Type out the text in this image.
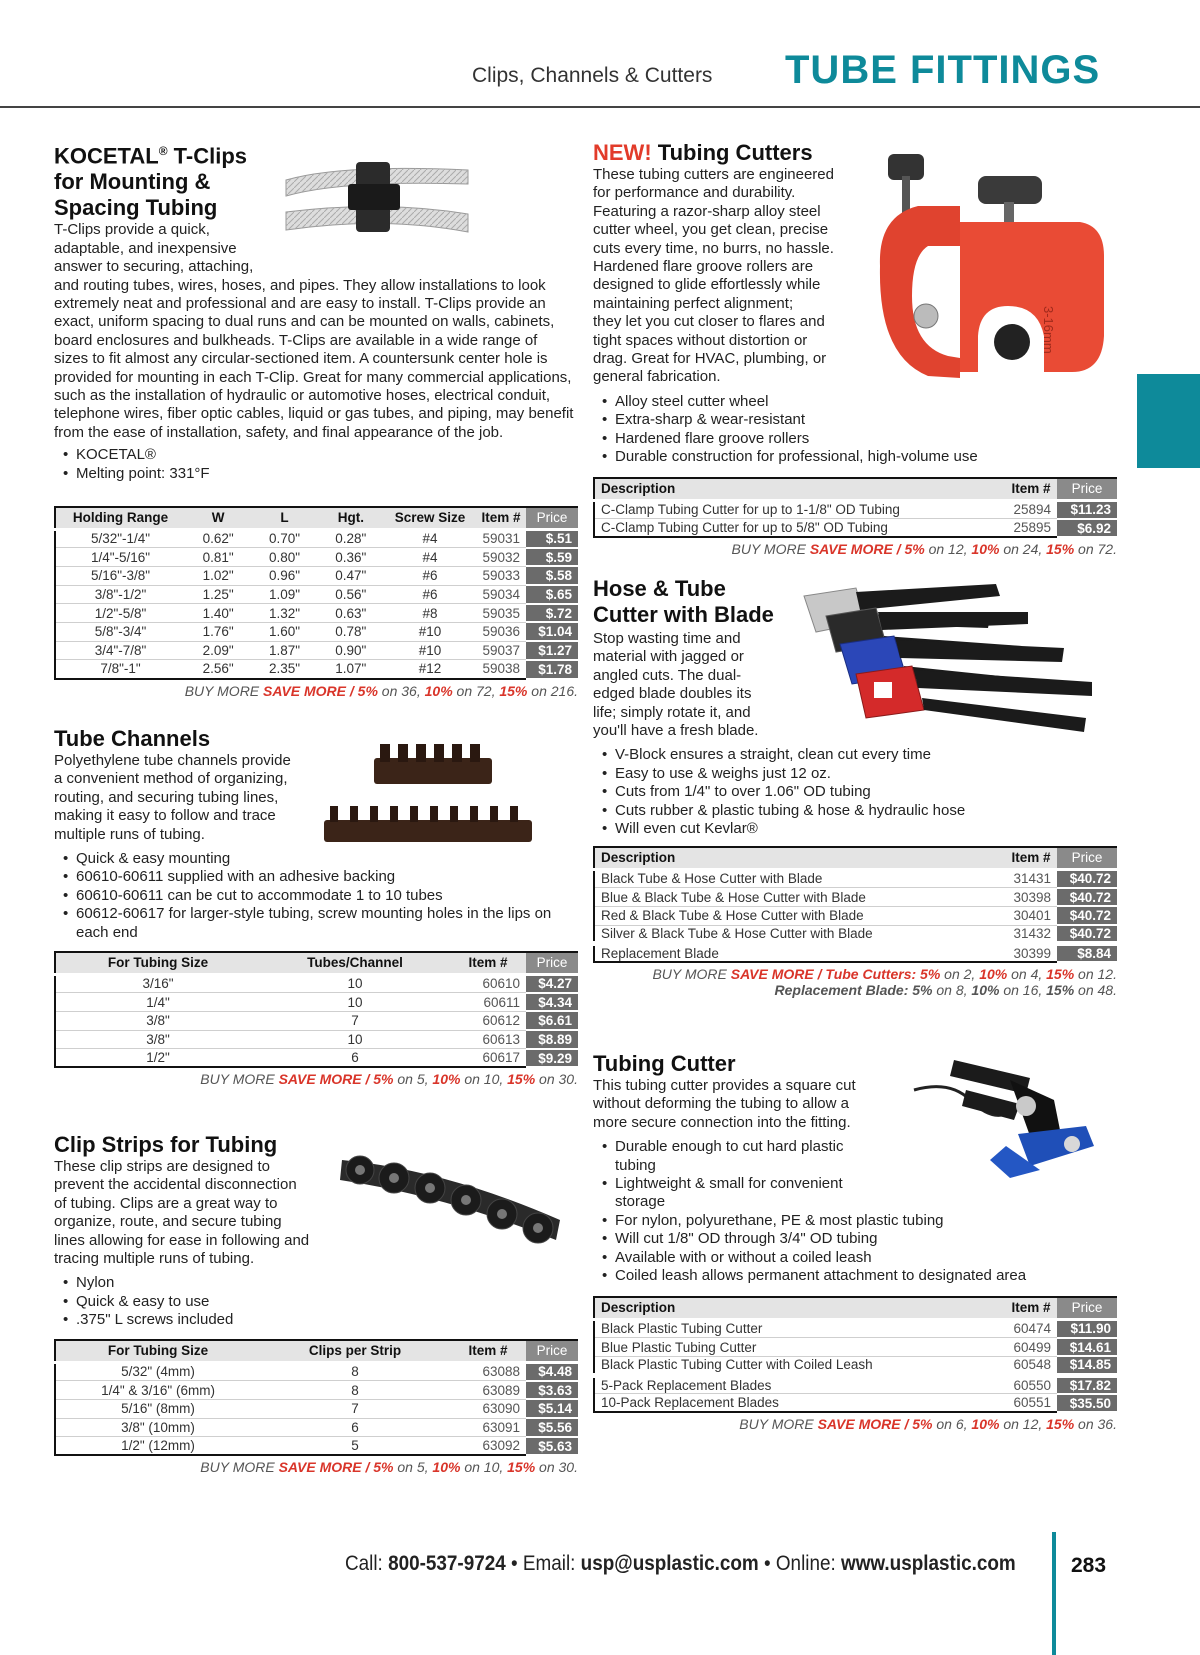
Clips, Channels & Cutters TUBE FITTINGS
KOCETAL® T-Clips
for Mounting &
Spacing Tubing

T-Clips provide a quick,
adaptable, and inexpensive
answer to securing, attaching,
and routing tubes, wires, hoses, and pipes. They allow installations to look extremely neat and professional and are easy to install. T-Clips provide an exact, uniform spacing to dual runs and can be mounted on walls, cabinets, board enclosures and bulkheads. T-Clips are available in a wide range of sizes to fit almost any circular-sectioned item. A countersunk center hole is provided for mounting in each T-Clip. Great for many commercial applications, such as the installation of hydraulic or automotive hoses, electrical conduit, telephone wires, fiber optic cables, liquid or gas tubes, and piping, may benefit from the ease of installation, safety, and final appearance of the job.

• KOCETAL®
• Melting point: 331°F
Holding Range	W	L	Hgt.	Screw Size	Item #	Price
5/32"-1/4"	0.62"	0.70"	0.28"	#4	59031	$.51
1/4"-5/16"	0.81"	0.80"	0.36"	#4	59032	$.59
5/16"-3/8"	1.02"	0.96"	0.47"	#6	59033	$.58
3/8"-1/2"	1.25"	1.09"	0.56"	#6	59034	$.65
1/2"-5/8"	1.40"	1.32"	0.63"	#8	59035	$.72
5/8"-3/4"	1.76"	1.60"	0.78"	#10	59036	$1.04
3/4"-7/8"	2.09"	1.87"	0.90"	#10	59037	$1.27
7/8"-1"	2.56"	2.35"	1.07"	#12	59038	$1.78
BUY MORE SAVE MORE / 5% on 36, 10% on 72, 15% on 216.
Tube Channels

Polyethylene tube channels provide
a convenient method of organizing,
routing, and securing tubing lines,
making it easy to follow and trace
multiple runs of tubing.

• Quick & easy mounting
• 60610-60611 supplied with an adhesive backing
• 60610-60611 can be cut to accommodate 1 to 10 tubes
• 60612-60617 for larger-style tubing, screw mounting holes in the lips on each end
For Tubing Size	Tubes/Channel	Item #	Price
3/16"	10	60610	$4.27
1/4"	10	60611	$4.34
3/8"	7	60612	$6.61
3/8"	10	60613	$8.89
1/2"	6	60617	$9.29
BUY MORE SAVE MORE / 5% on 5, 10% on 10, 15% on 30.
Clip Strips for Tubing

These clip strips are designed to
prevent the accidental disconnection
of tubing. Clips are a great way to
organize, route, and secure tubing
lines allowing for ease in following and
tracing multiple runs of tubing.

• Nylon
• Quick & easy to use
• .375" L screws included
For Tubing Size	Clips per Strip	Item #	Price
5/32" (4mm)	8	63088	$4.48
1/4" & 3/16" (6mm)	8	63089	$3.63
5/16" (8mm)	7	63090	$5.14
3/8" (10mm)	6	63091	$5.56
1/2" (12mm)	5	63092	$5.63
BUY MORE SAVE MORE / 5% on 5, 10% on 10, 15% on 30.
NEW! Tubing Cutters

These tubing cutters are engineered
for performance and durability.
Featuring a razor-sharp alloy steel
cutter wheel, you get clean, precise
cuts every time, no burrs, no hassle.
Hardened flare groove rollers are
designed to glide effortlessly while
maintaining perfect alignment;
they let you cut closer to flares and
tight spaces without distortion or
drag. Great for HVAC, plumbing, or
general fabrication.

• Alloy steel cutter wheel
• Extra-sharp & wear-resistant
• Hardened flare groove rollers
• Durable construction for professional, high-volume use
3-16mm
Description	Item #	Price
C-Clamp Tubing Cutter for up to 1-1/8" OD Tubing	25894	$11.23
C-Clamp Tubing Cutter for up to 5/8" OD Tubing	25895	$6.92
BUY MORE SAVE MORE / 5% on 12, 10% on 24, 15% on 72.
Hose & Tube
Cutter with Blade

Stop wasting time and
material with jagged or
angled cuts. The dual-
edged blade doubles its
life; simply rotate it, and
you'll have a fresh blade.

• V-Block ensures a straight, clean cut every time
• Easy to use & weighs just 12 oz.
• Cuts from 1/4" to over 1.06" OD tubing
• Cuts rubber & plastic tubing & hose & hydraulic hose
• Will even cut Kevlar®
Description	Item #	Price
Black Tube & Hose Cutter with Blade	31431	$40.72
Blue & Black Tube & Hose Cutter with Blade	30398	$40.72
Red & Black Tube & Hose Cutter with Blade	30401	$40.72
Silver & Black Tube & Hose Cutter with Blade	31432	$40.72
Replacement Blade	30399	$8.84
BUY MORE SAVE MORE / Tube Cutters: 5% on 2, 10% on 4, 15% on 12.
Replacement Blade: 5% on 8, 10% on 16, 15% on 48.
Tubing Cutter

This tubing cutter provides a square cut
without deforming the tubing to allow a
more secure connection into the fitting.

• Durable enough to cut hard plastic tubing
• Lightweight & small for convenient storage
• For nylon, polyurethane, PE & most plastic tubing
• Will cut 1/8" OD through 3/4" OD tubing
• Available with or without a coiled leash
• Coiled leash allows permanent attachment to designated area
Description	Item #	Price
Black Plastic Tubing Cutter	60474	$11.90
Blue Plastic Tubing Cutter	60499	$14.61
Black Plastic Tubing Cutter with Coiled Leash	60548	$14.85
5-Pack Replacement Blades	60550	$17.82
10-Pack Replacement Blades	60551	$35.50
BUY MORE SAVE MORE / 5% on 6, 10% on 12, 15% on 36.
Call: 800-537-9724 • Email: usp@usplastic.com • Online: www.usplastic.com	283
